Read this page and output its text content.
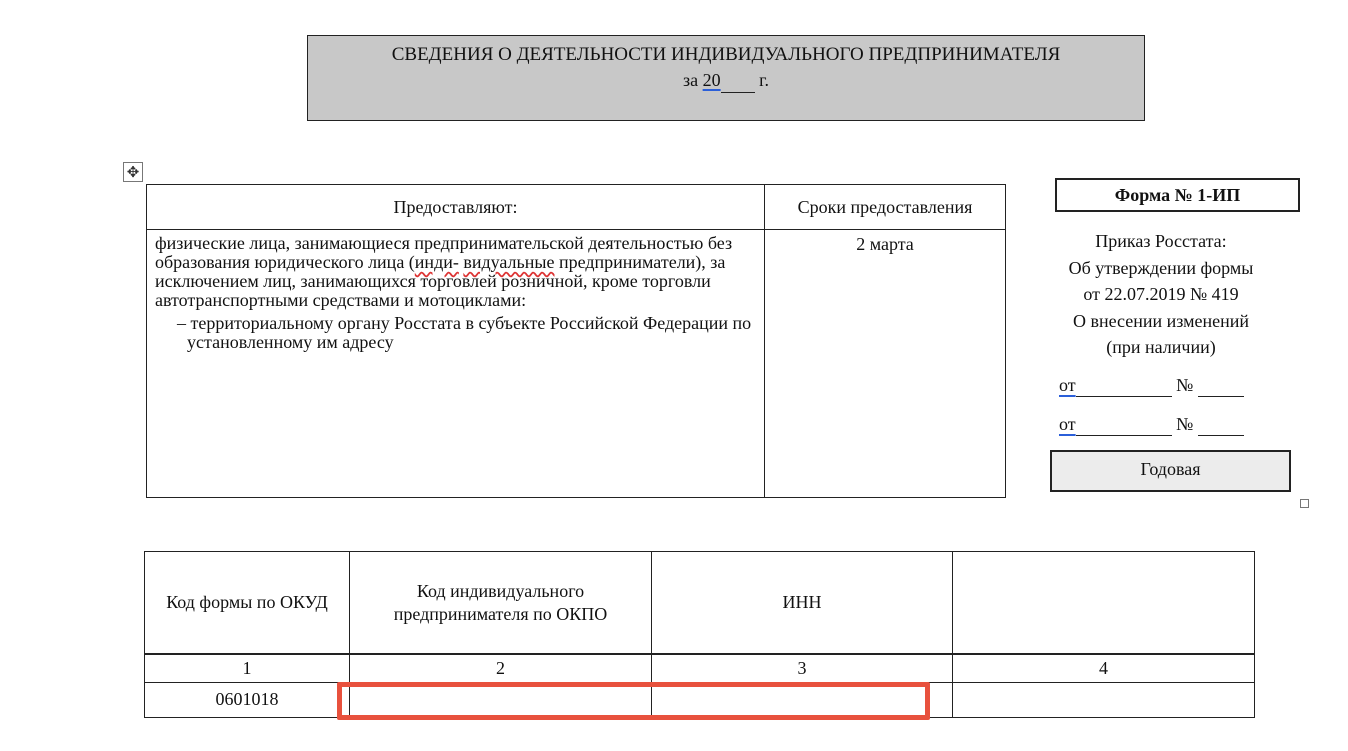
СВЕДЕНИЯ О ДЕЯТЕЛЬНОСТИ ИНДИВИДУАЛЬНОГО ПРЕДПРИНИМАТЕЛЯ
за 20 г.
✥
Предоставляют:	Сроки предоставления
физические лица, занимающиеся предпринимательской деятельностью без образования юридического лица (инди- видуальные предприниматели), за исключением лиц, занимающихся торговлей розничной, кроме торговли автотранспортными средствами и мотоциклами:
– территориальному органу Росстата в субъекте Российской Федерации по установленному им адресу	2 марта
Форма № 1-ИП
Приказ Росстата:
Об утверждении формы
от 22.07.2019 № 419
О внесении изменений
(при наличии)
от	№
от	№
Годовая
Код формы по ОКУД	Код индивидуального предпринимателя по ОКПО	ИНН	
1	2	3	4
0601018			
